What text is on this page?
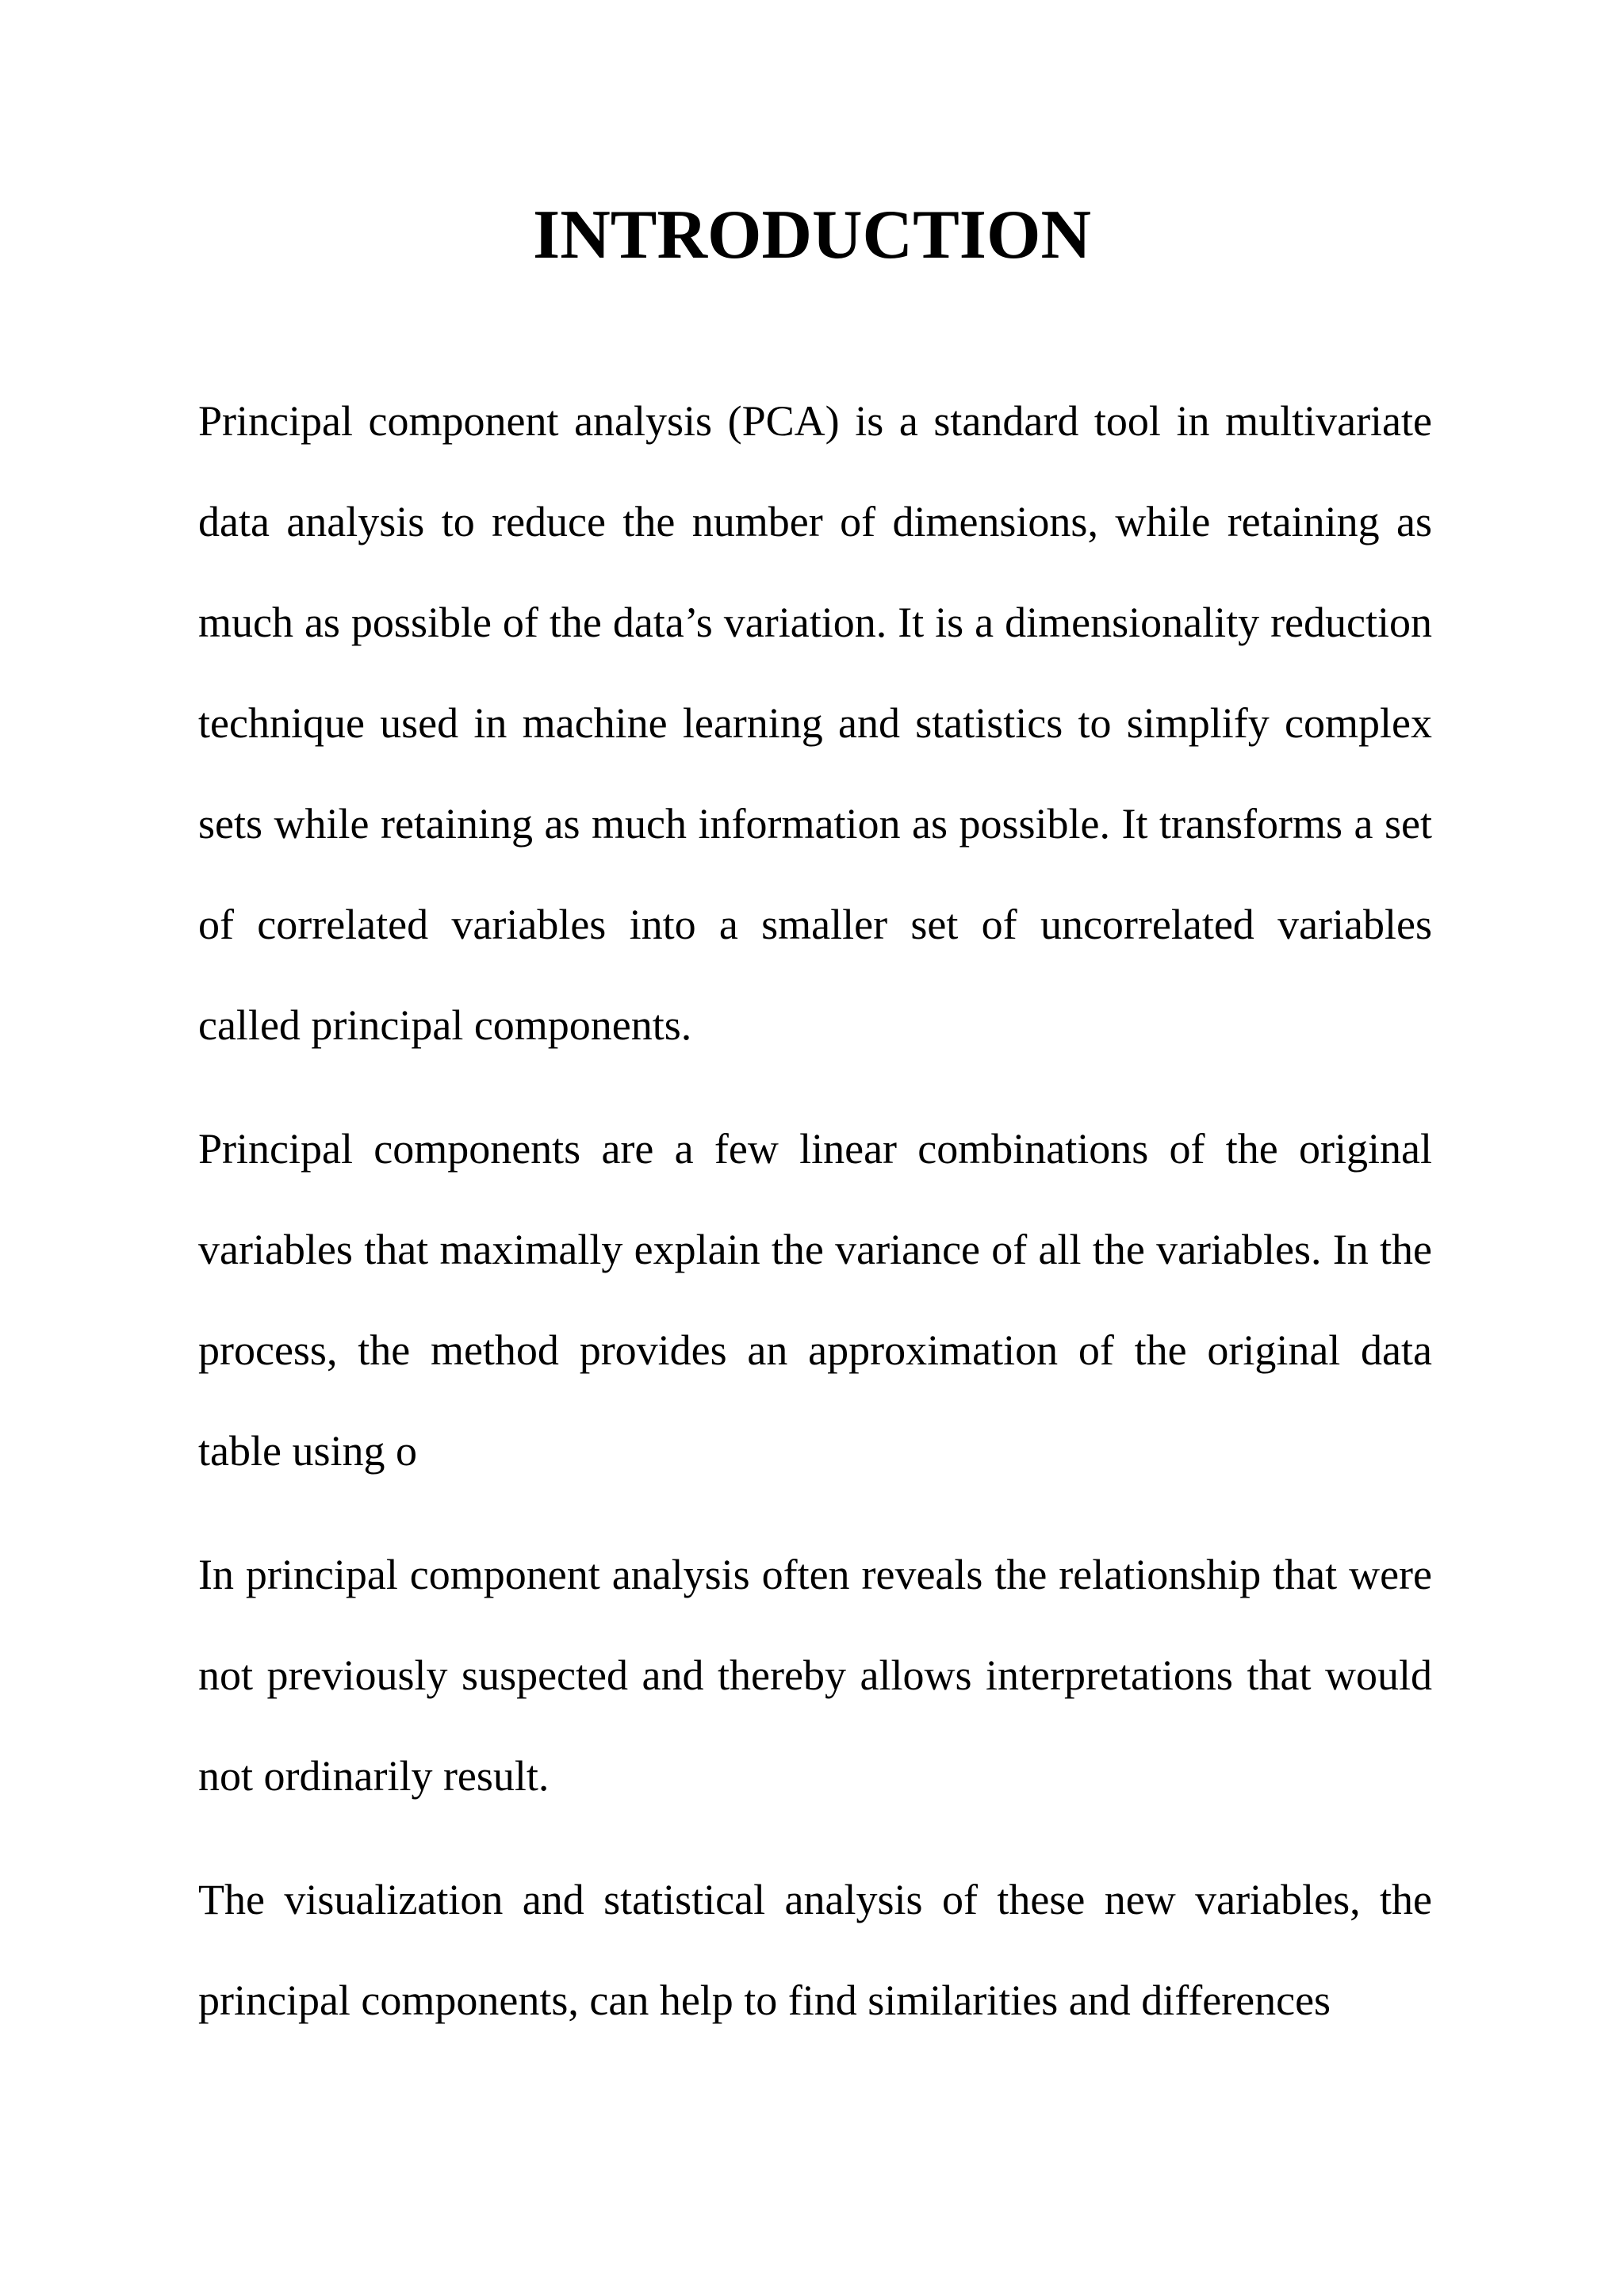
INTRODUCTION

Principal component analysis (PCA) is a standard tool in multivariate data analysis to reduce the number of dimensions, while retaining as much as possible of the data’s variation. It is a dimensionality reduction technique used in machine learning and statistics to simplify complex sets while retaining as much information as possible. It transforms a set of correlated variables into a smaller set of uncorrelated variables called principal components.

Principal components are a few linear combinations of the original variables that maximally explain the variance of all the variables. In the process, the method provides an approximation of the original data table using o

In principal component analysis often reveals the relationship that were not previously suspected and thereby allows interpretations that would not ordinarily result.

The visualization and statistical analysis of these new variables, the principal components, can help to find similarities and differences
